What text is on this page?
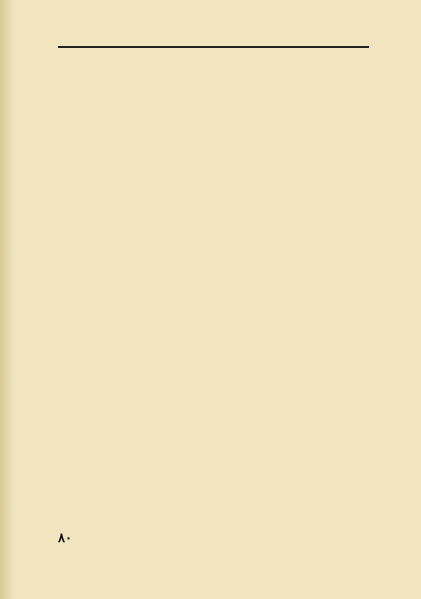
۸۰
